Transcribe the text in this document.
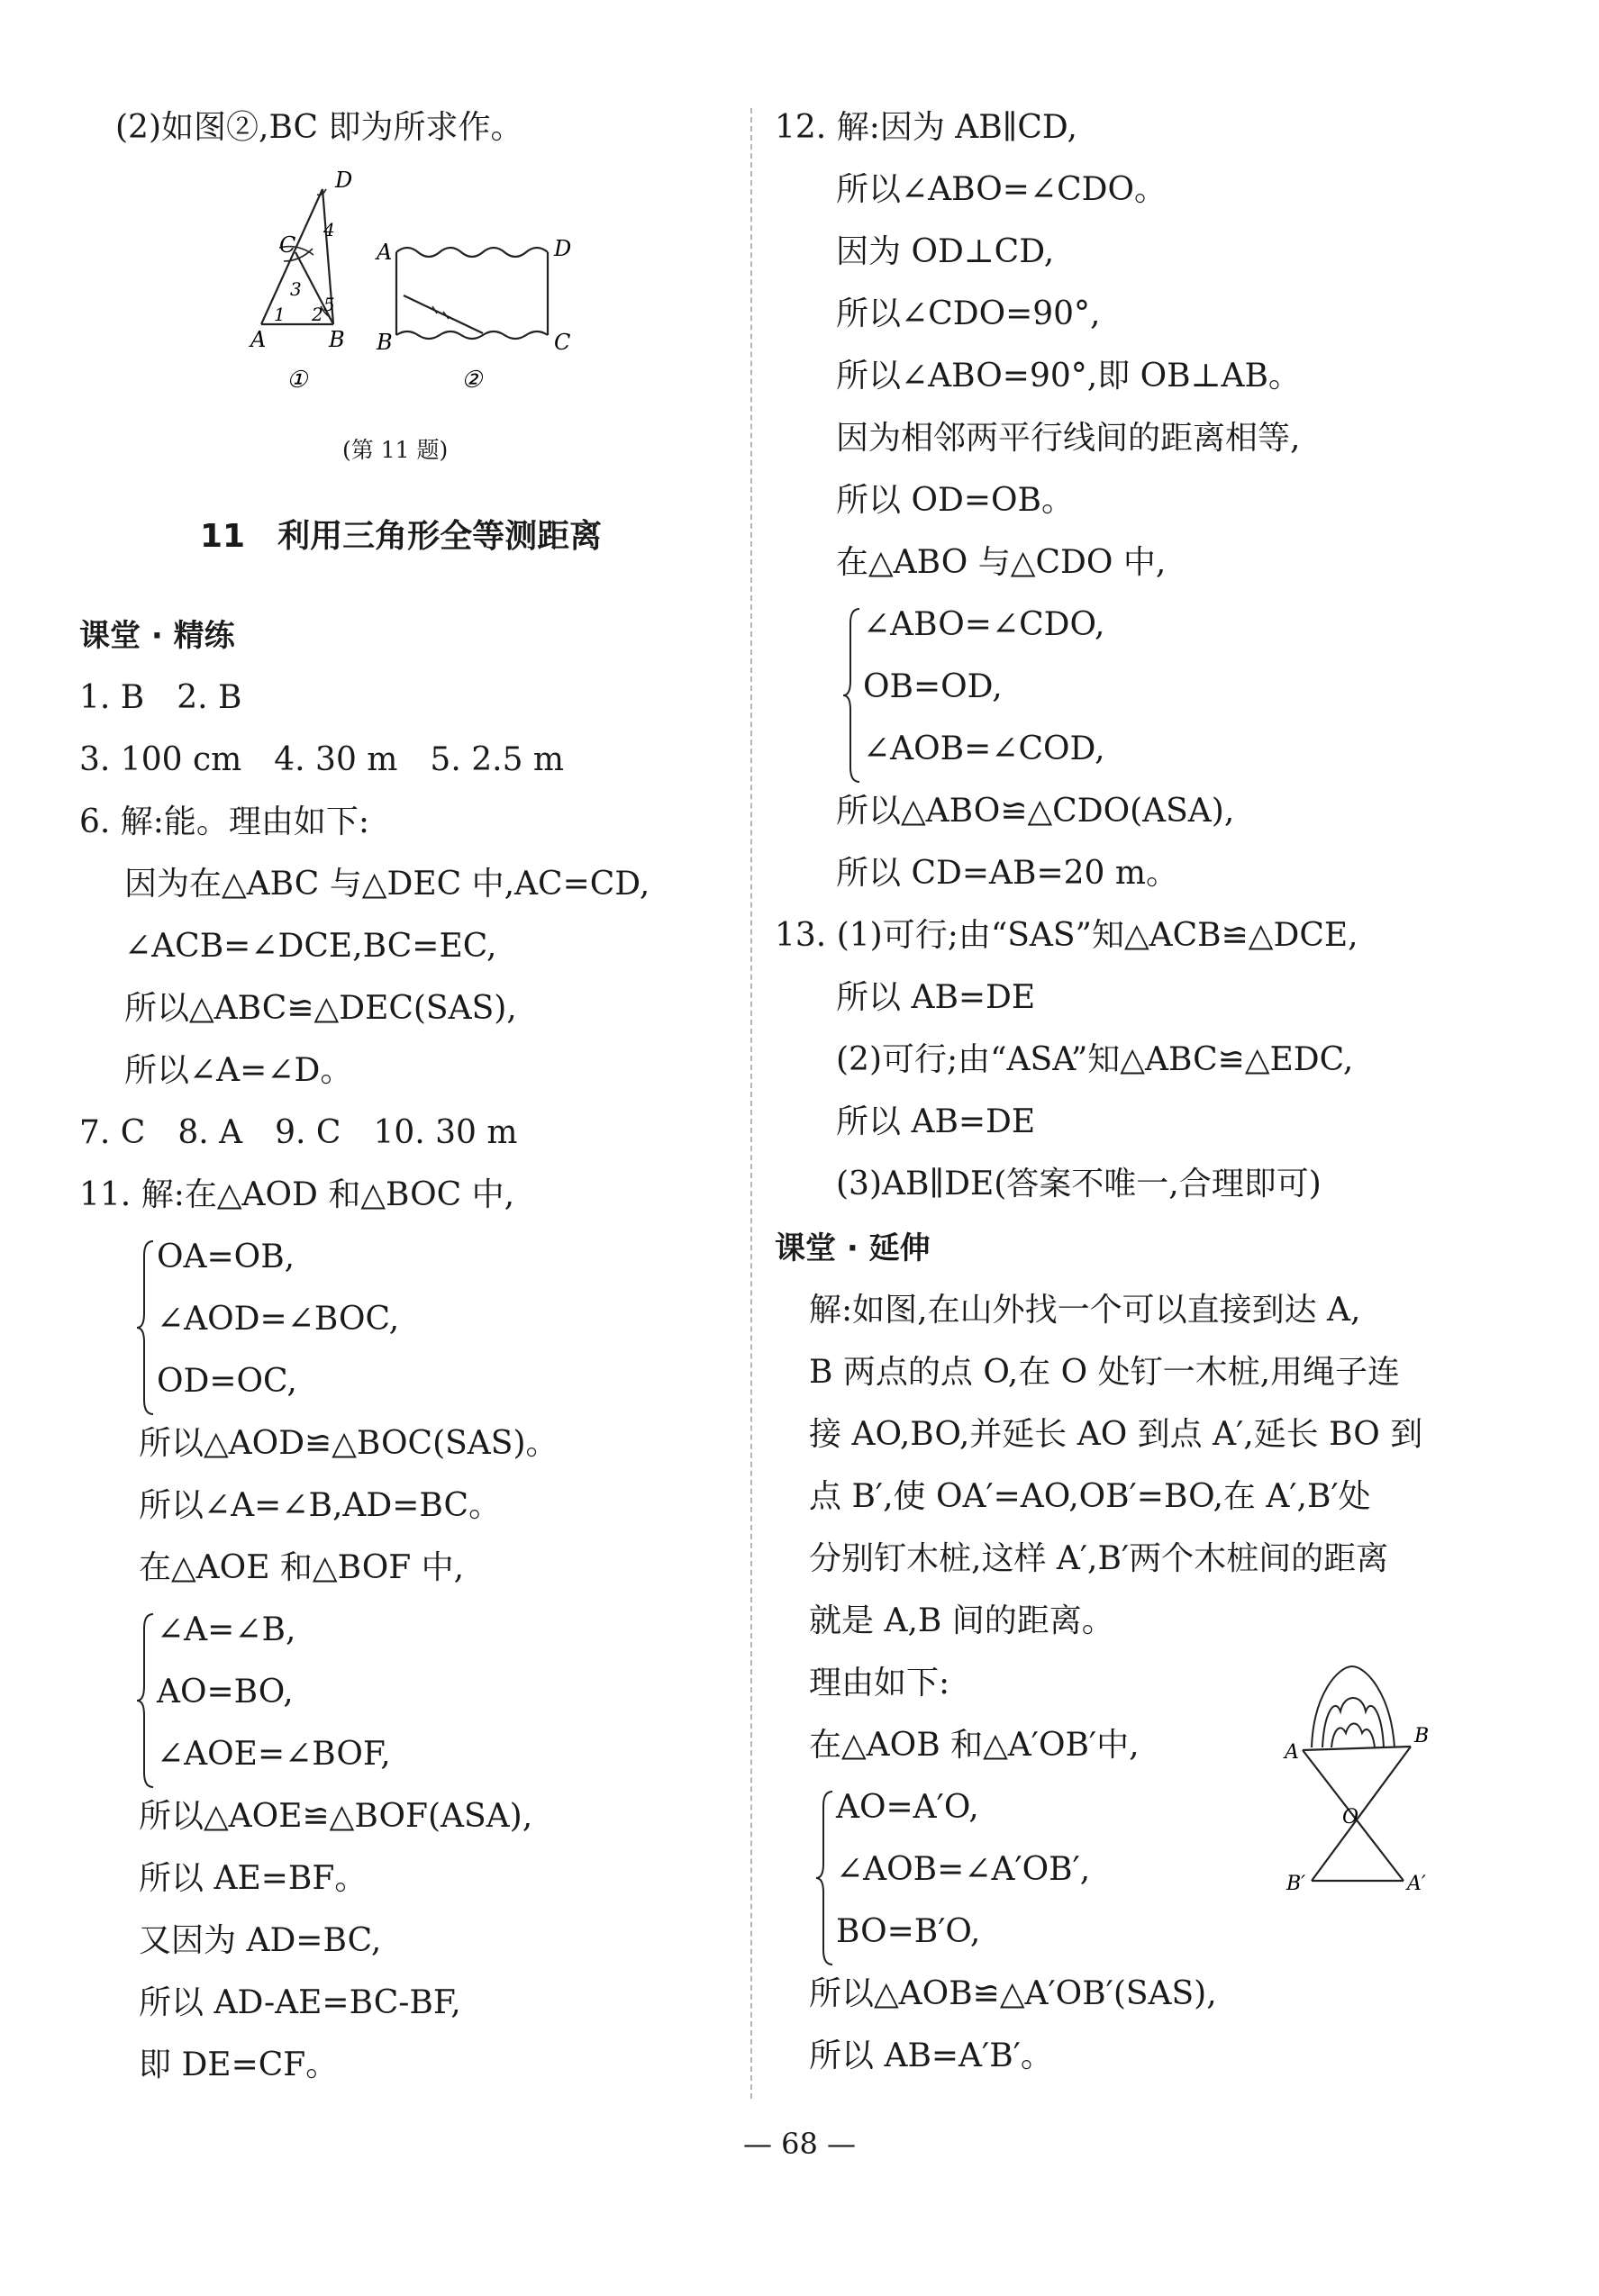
(2)如图②,BC 即为所求作。
A	B
C
D
1 2
3
4
5
①
A	D
B	C
②
(第 11 题)
11　利用三角形全等测距离
课堂 · 精练
1. B　2. B
3. 100 cm　4. 30 m　5. 2.5 m
6. 解:能。理由如下:
因为在△ABC 与△DEC 中,AC=CD,
∠ACB=∠DCE,BC=EC,
所以△ABC≌△DEC(SAS),
所以∠A=∠D。
7. C　8. A　9. C　10. 30 m
11. 解:在△AOD 和△BOC 中,
OA=OB,
∠AOD=∠BOC,
OD=OC,
所以△AOD≌△BOC(SAS)。
所以∠A=∠B,AD=BC。
在△AOE 和△BOF 中,
∠A=∠B,
AO=BO,
∠AOE=∠BOF,
所以△AOE≌△BOF(ASA),
所以 AE=BF。
又因为 AD=BC,
所以 AD-AE=BC-BF,
即 DE=CF。
12. 解:因为 AB∥CD,
所以∠ABO=∠CDO。
因为 OD⊥CD,
所以∠CDO=90°,
所以∠ABO=90°,即 OB⊥AB。
因为相邻两平行线间的距离相等,
所以 OD=OB。
在△ABO 与△CDO 中,
∠ABO=∠CDO,
OB=OD,
∠AOB=∠COD,
所以△ABO≌△CDO(ASA),
所以 CD=AB=20 m。
13. (1)可行;由“SAS”知△ACB≌△DCE,
所以 AB=DE
(2)可行;由“ASA”知△ABC≌△EDC,
所以 AB=DE
(3)AB∥DE(答案不唯一,合理即可)
课堂 · 延伸
解:如图,在山外找一个可以直接到达 A,
B 两点的点 O,在 O 处钉一木桩,用绳子连
接 AO,BO,并延长 AO 到点 A′,延长 BO 到
点 B′,使 OA′=AO,OB′=BO,在 A′,B′处
分别钉木桩,这样 A′,B′两个木桩间的距离
就是 A,B 间的距离。
理由如下:
在△AOB 和△A′OB′中,
AO=A′O,
∠AOB=∠A′OB′,
BO=B′O,
所以△AOB≌△A′OB′(SAS),
所以 AB=A′B′。
A
B
O
B′	A′
— 68 —
